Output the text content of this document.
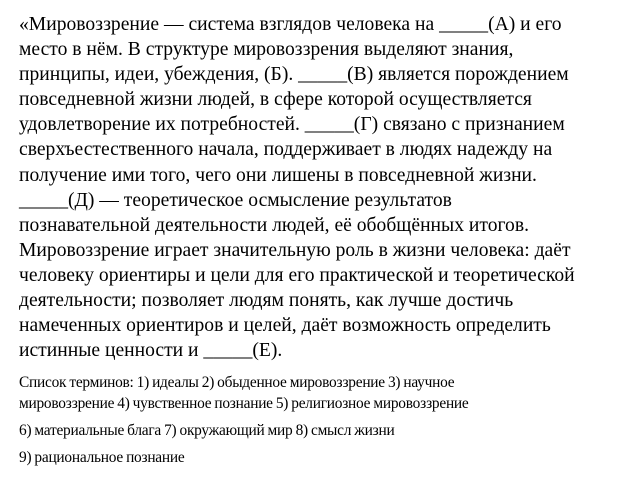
«Мировоззрение — система взглядов человека на _____(А) и его
место в нём. В структуре мировоззрения выделяют знания,
принципы, идеи, убеждения, (Б). _____(В) является порождением
повседневной жизни людей, в сфере которой осуществляется
удовлетворение их потребностей. _____(Г) связано с признанием
сверхъестественного начала, поддерживает в людях надежду на
получение ими того, чего они лишены в повседневной жизни.
_____(Д) — теоретическое осмысление результатов
познавательной деятельности людей, её обобщённых итогов.
Мировоззрение играет значительную роль в жизни человека: даёт
человеку ориентиры и цели для его практической и теоретической
деятельности; позволяет людям понять, как лучше достичь
намеченных ориентиров и целей, даёт возможность определить
истинные ценности и _____(Е).

Список терминов: 1) идеалы 2) обыденное мировоззрение 3) научное
мировоззрение 4) чувственное познание 5) религиозное мировоззрение
6) материальные блага 7) окружающий мир 8) смысл жизни
9) рациональное познание
